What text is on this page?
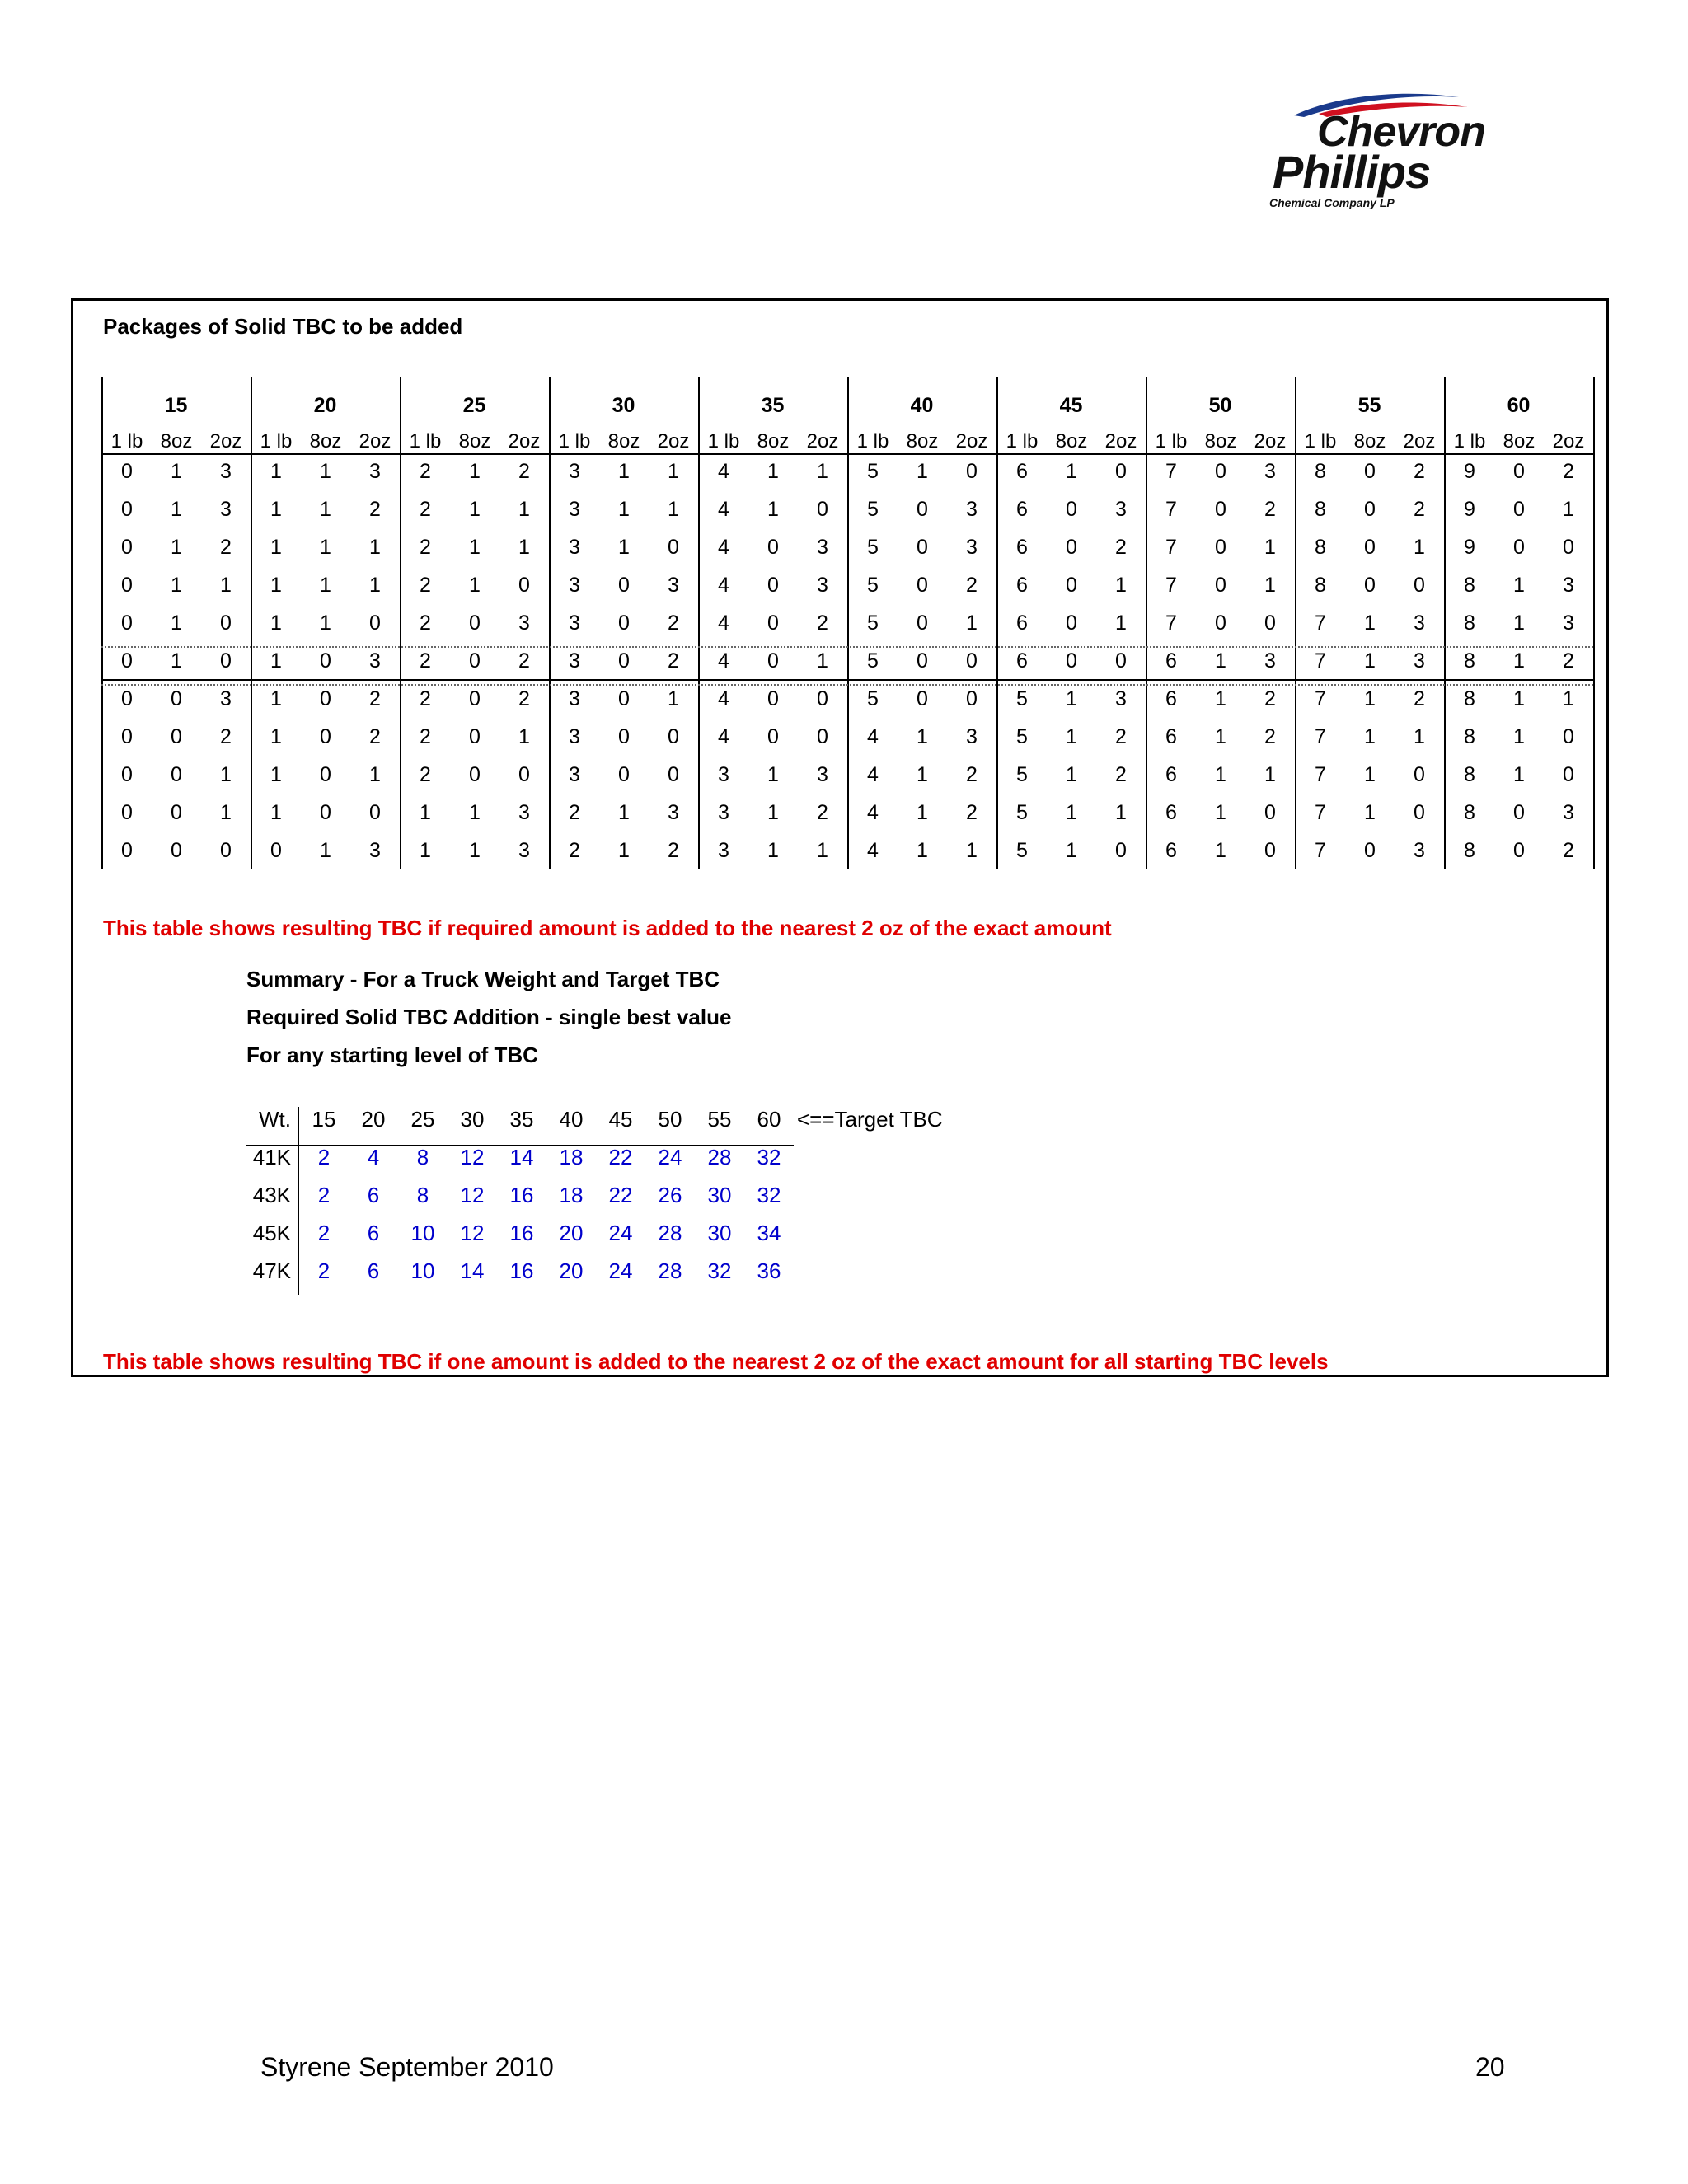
Chevron
Phillips
Chemical Company LP
Packages of Solid TBC to be added
15
1 lb 8oz 2oz
20
1 lb 8oz 2oz
25
1 lb 8oz 2oz
30
1 lb 8oz 2oz
35
1 lb 8oz 2oz
40
1 lb 8oz 2oz
45
1 lb 8oz 2oz
50
1 lb 8oz 2oz
55
1 lb 8oz 2oz
60
1 lb 8oz 2oz
0	1	3	1	1	3	2	1	2	3	1	1	4	1	1	5	1	0	6	1	0	7	0	3	8	0	2	9	0	2
0	1	3	1	1	2	2	1	1	3	1	1	4	1	0	5	0	3	6	0	3	7	0	2	8	0	2	9	0	1
0	1	2	1	1	1	2	1	1	3	1	0	4	0	3	5	0	3	6	0	2	7	0	1	8	0	1	9	0	0
0	1	1	1	1	1	2	1	0	3	0	3	4	0	3	5	0	2	6	0	1	7	0	1	8	0	0	8	1	3
0	1	0	1	1	0	2	0	3	3	0	2	4	0	2	5	0	1	6	0	1	7	0	0	7	1	3	8	1	3
0	1	0	1	0	3	2	0	2	3	0	2	4	0	1	5	0	0	6	0	0	6	1	3	7	1	3	8	1	2
0	0	3	1	0	2	2	0	2	3	0	1	4	0	0	5	0	0	5	1	3	6	1	2	7	1	2	8	1	1
0	0	2	1	0	2	2	0	1	3	0	0	4	0	0	4	1	3	5	1	2	6	1	2	7	1	1	8	1	0
0	0	1	1	0	1	2	0	0	3	0	0	3	1	3	4	1	2	5	1	2	6	1	1	7	1	0	8	1	0
0	0	1	1	0	0	1	1	3	2	1	3	3	1	2	4	1	2	5	1	1	6	1	0	7	1	0	8	0	3
0	0	0	0	1	3	1	1	3	2	1	2	3	1	1	4	1	1	5	1	0	6	1	0	7	0	3	8	0	2
This table shows resulting TBC if required amount is added to the nearest 2 oz of the exact amount
Summary - For a Truck Weight and Target TBC
Required Solid TBC Addition - single best value
For any starting level of TBC
Wt. 15	20	25	30	35	40	45	50	55	60 <==Target TBC
41K	2	4	8	12	14	18	22	24	28	32
43K	2	6	8	12	16	18	22	26	30	32
45K	2	6	10	12	16	20	24	28	30	34
47K	2	6	10	14	16	20	24	28	32	36
This table shows resulting TBC if one amount is added to the nearest 2 oz of the exact amount for all starting TBC levels
Styrene September 2010	20
